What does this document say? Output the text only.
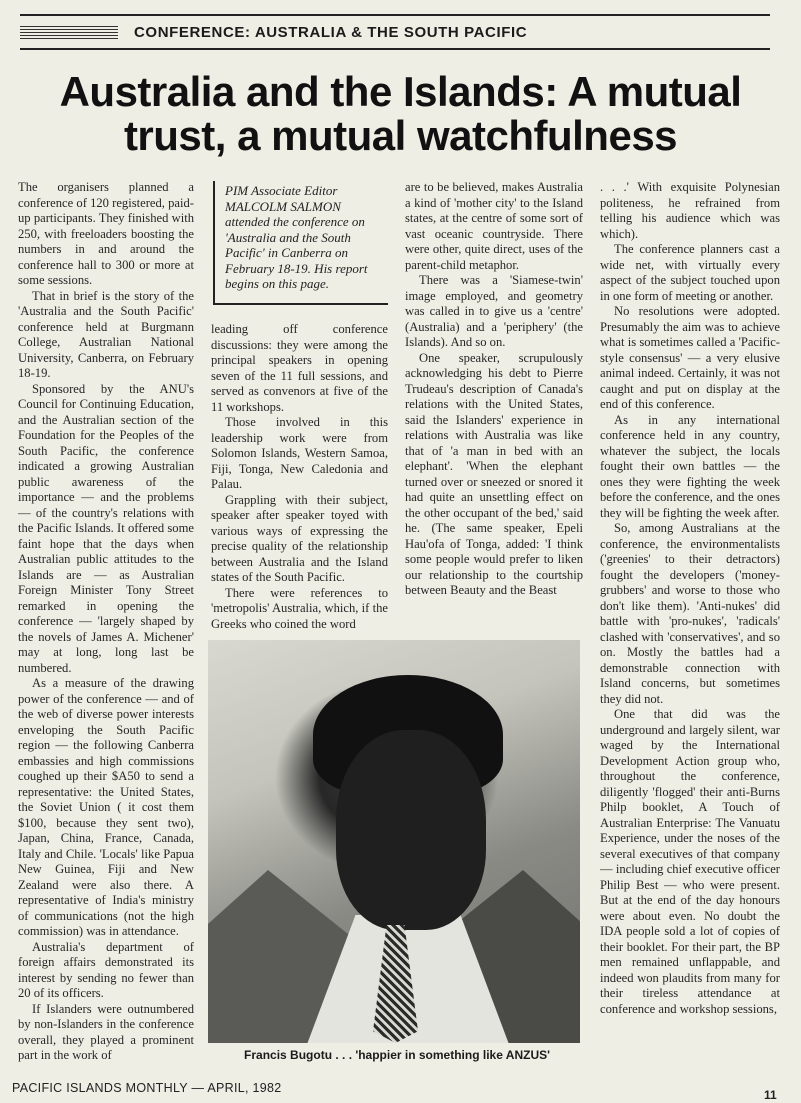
CONFERENCE: AUSTRALIA & THE SOUTH PACIFIC
Australia and the Islands: A mutual
trust, a mutual watchfulness

The organisers planned a conference of 120 registered, paid-up participants. They finished with 250, with freeloaders boosting the numbers in and around the conference hall to 300 or more at some sessions.

That in brief is the story of the 'Australia and the South Pacific' conference held at Burgmann College, Australian National University, Canberra, on February 18-19.

Sponsored by the ANU's Council for Continuing Education, and the Australian section of the Foundation for the Peoples of the South Pacific, the conference indicated a growing Australian public awareness of the importance — and the problems — of the country's relations with the Pacific Islands. It offered some faint hope that the days when Australian public attitudes to the Islands are — as Australian Foreign Minister Tony Street remarked in opening the conference — 'largely shaped by the novels of James A. Michener' may at long, long last be numbered.

As a measure of the drawing power of the conference — and of the web of diverse power interests enveloping the South Pacific region — the following Canberra embassies and high commissions coughed up their $A50 to send a representative: the United States, the Soviet Union ( it cost them $100, because they sent two), Japan, China, France, Canada, Italy and Chile. 'Locals' like Papua New Guinea, Fiji and New Zealand were also there. A representative of India's ministry of communications (not the high commission) was in attendance.

Australia's department of foreign affairs demonstrated its interest by sending no fewer than 20 of its officers.

If Islanders were outnumbered by non-Islanders in the conference overall, they played a prominent part in the work of

PIM Associate Editor MALCOLM SALMON attended the conference on 'Australia and the South Pacific' in Canberra on February 18-19. His report begins on this page.

leading off conference discussions: they were among the principal speakers in opening seven of the 11 full sessions, and served as convenors at five of the 11 workshops.

Those involved in this leadership work were from Solomon Islands, Western Samoa, Fiji, Tonga, New Caledonia and Palau.

Grappling with their subject, speaker after speaker toyed with various ways of expressing the precise quality of the relationship between Australia and the Island states of the South Pacific.

There were references to 'metropolis' Australia, which, if the Greeks who coined the word

are to be believed, makes Australia a kind of 'mother city' to the Island states, at the centre of some sort of vast oceanic countryside. There were other, quite direct, uses of the parent-child metaphor.

There was a 'Siamese-twin' image employed, and geometry was called in to give us a 'centre' (Australia) and a 'periphery' (the Islands). And so on.

One speaker, scrupulously acknowledging his debt to Pierre Trudeau's description of Canada's relations with the United States, said the Islanders' experience in relations with Australia was like that of 'a man in bed with an elephant'. 'When the elephant turned over or sneezed or snored it had quite an unsettling effect on the other occupant of the bed,' said he. (The same speaker, Epeli Hau'ofa of Tonga, added: 'I think some people would prefer to liken our relationship to the courtship between Beauty and the Beast

. . .' With exquisite Polynesian politeness, he refrained from telling his audience which was which).

The conference planners cast a wide net, with virtually every aspect of the subject touched upon in one form of meeting or another.

No resolutions were adopted. Presumably the aim was to achieve what is sometimes called a 'Pacific-style consensus' — a very elusive animal indeed. Certainly, it was not caught and put on display at the end of this conference.

As in any international conference held in any country, whatever the subject, the locals fought their own battles — the ones they were fighting the week before the conference, and the ones they will be fighting the week after.

So, among Australians at the conference, the environmentalists ('greenies' to their detractors) fought the developers ('money-grubbers' and worse to those who don't like them). 'Anti-nukes' did battle with 'pro-nukes', 'radicals' clashed with 'conservatives', and so on. Mostly the battles had a demonstrable connection with Island concerns, but sometimes they did not.

One that did was the underground and largely silent, war waged by the International Development Action group who, throughout the conference, diligently 'flogged' their anti-Burns Philp booklet, A Touch of Australian Enterprise: The Vanuatu Experience, under the noses of the several executives of that company — including chief executive officer Philip Best — who were present. But at the end of the day honours were about even. No doubt the IDA people sold a lot of copies of their booklet. For their part, the BP men remained unflappable, and indeed won plaudits from many for their tireless attendance at conference and workshop sessions,

Francis Bugotu . . . 'happier in something like ANZUS'
PACIFIC ISLANDS MONTHLY — APRIL, 1982	11
